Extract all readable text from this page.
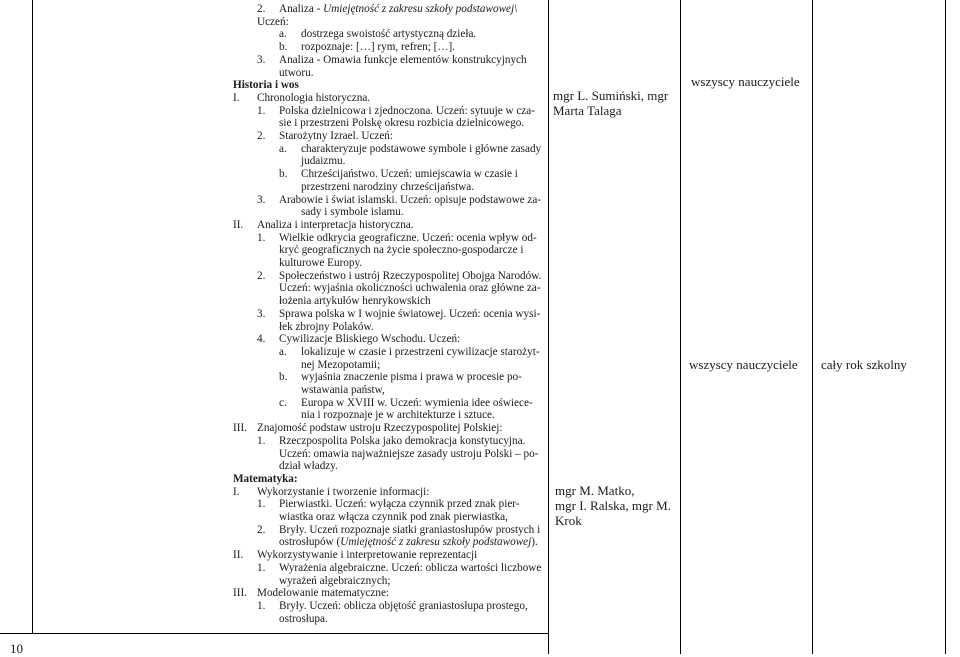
2. Analiza - Umiejętność z zakresu szkoły podstawowej\
Uczeń:
a. dostrzega swoistość artystyczną dzieła.
b. rozpoznaje: […] rym, refren; […].
3. Analiza - Omawia funkcje elementów konstrukcyjnych
utworu.
Historia i wos
I. Chronologia historyczna.
1. Polska dzielnicowa i zjednoczona. Uczeń: sytuuje w cza-
sie i przestrzeni Polskę okresu rozbicia dzielnicowego.
2. Starożytny Izrael. Uczeń:
a. charakteryzuje podstawowe symbole i główne zasady
judaizmu.
b. Chrześcijaństwo. Uczeń: umiejscawia w czasie i
przestrzeni narodziny chrześcijaństwa.
3. Arabowie i świat islamski. Uczeń: opisuje podstawowe za-
sady i symbole islamu.
II. Analiza i interpretacja historyczna.
1. Wielkie odkrycia geograficzne. Uczeń: ocenia wpływ od-
kryć geograficznych na życie społeczno-gospodarcze i
kulturowe Europy.
2. Społeczeństwo i ustrój Rzeczypospolitej Obojga Narodów.
Uczeń: wyjaśnia okoliczności uchwalenia oraz główne za-
łożenia artykułów henrykowskich
3. Sprawa polska w I wojnie światowej. Uczeń: ocenia wysi-
łek zbrojny Polaków.
4. Cywilizacje Bliskiego Wschodu. Uczeń:
a. lokalizuje w czasie i przestrzeni cywilizacje starożyt-
nej Mezopotamii;
b. wyjaśnia znaczenie pisma i prawa w procesie po-
wstawania państw,
c. Europa w XVIII w. Uczeń: wymienia idee oświece-
nia i rozpoznaje je w architekturze i sztuce.
III. Znajomość podstaw ustroju Rzeczypospolitej Polskiej:
1. Rzeczpospolita Polska jako demokracja konstytucyjna.
Uczeń: omawia najważniejsze zasady ustroju Polski – po-
dział władzy.
Matematyka:
I. Wykorzystanie i tworzenie informacji:
1. Pierwiastki. Uczeń: wyłącza czynnik przed znak pier-
wiastka oraz włącza czynnik pod znak pierwiastka,
2. Bryły. Uczeń rozpoznaje siatki graniastosłupów prostych i
ostrosłupów (Umiejętność z zakresu szkoły podstawowej).
II. Wykorzystywanie i interpretowanie reprezentacji
1. Wyrażenia algebraiczne. Uczeń: oblicza wartości liczbowe
wyrażeń algebraicznych;
III. Modelowanie matematyczne:
1. Bryły. Uczeń: oblicza objętość graniastosłupa prostego,
ostrosłupa.
mgr L. Sumiński, mgr
Marta Talaga
mgr M. Matko,
mgr I. Ralska, mgr M.
Krok
wszyscy nauczyciele
wszyscy nauczyciele cały rok szkolny
10
